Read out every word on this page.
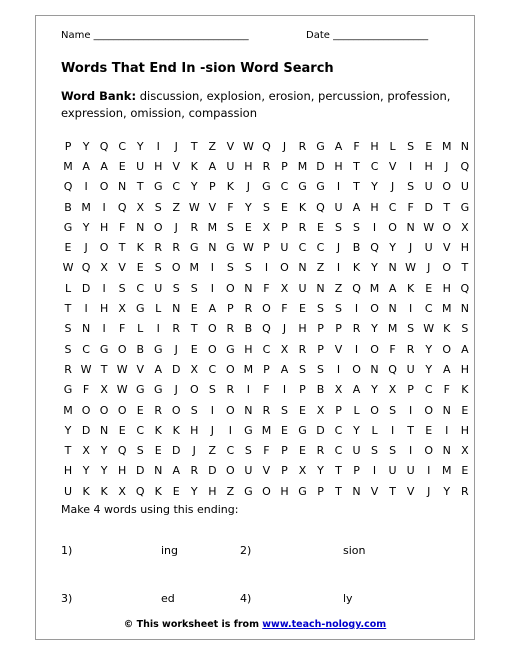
Name _______________________________	Date ___________________
Words That End In -sion Word Search
Word Bank: discussion, explosion, erosion, percussion, profession, expression, omission, compassion
P	Y	Q	C	Y	I	J	T	Z	V	W	Q	J	R	G	A	F	H	L	S	E	M	N
M	A	A	E	U	H	V	K	A	U	H	R	P	M	D	H	T	C	V	I	H	J	Q
Q	I	O	N	T	G	C	Y	P	K	J	G	C	G	G	I	T	Y	J	S	U	O	U
B	M	I	Q	X	S	Z	W	V	F	Y	S	E	K	Q	U	A	H	C	F	D	T	G
G	Y	H	F	N	O	J	R	M	S	E	X	P	R	E	S	S	I	O	N	W	O	X
E	J	O	T	K	R	R	G	N	G	W	P	U	C	C	J	B	Q	Y	J	U	V	H
W	Q	X	V	E	S	O	M	I	S	S	I	O	N	Z	I	K	Y	N	W	J	O	T
L	D	I	S	C	U	S	S	I	O	N	F	X	U	N	Z	Q	M	A	K	E	H	Q
T	I	H	X	G	L	N	E	A	P	R	O	F	E	S	S	I	O	N	I	C	M	N
S	N	I	F	L	I	R	T	O	R	B	Q	J	H	P	P	R	Y	M	S	W	K	S
S	C	G	O	B	G	J	E	O	G	H	C	X	R	P	V	I	O	F	R	Y	O	A
R	W	T	W	V	A	D	X	C	O	M	P	A	S	S	I	O	N	Q	U	Y	A	H
G	F	X	W	G	G	J	O	S	R	I	F	I	P	B	X	A	Y	X	P	C	F	K
M	O	O	O	E	R	O	S	I	O	N	R	S	E	X	P	L	O	S	I	O	N	E
Y	D	N	E	C	K	K	H	J	I	G	M	E	G	D	C	Y	L	I	T	E	I	H
T	X	Y	Q	S	E	D	J	Z	C	S	F	P	E	R	C	U	S	S	I	O	N	X
H	Y	Y	H	D	N	A	R	D	O	U	V	P	X	Y	T	P	I	U	U	I	M	E
U	K	K	X	Q	K	E	Y	H	Z	G	O	H	G	P	T	N	V	T	V	J	Y	R
Make 4 words using this ending:
1)	ing	2)	sion
3)	ed	4)	ly
© This worksheet is from www.teach-nology.com
